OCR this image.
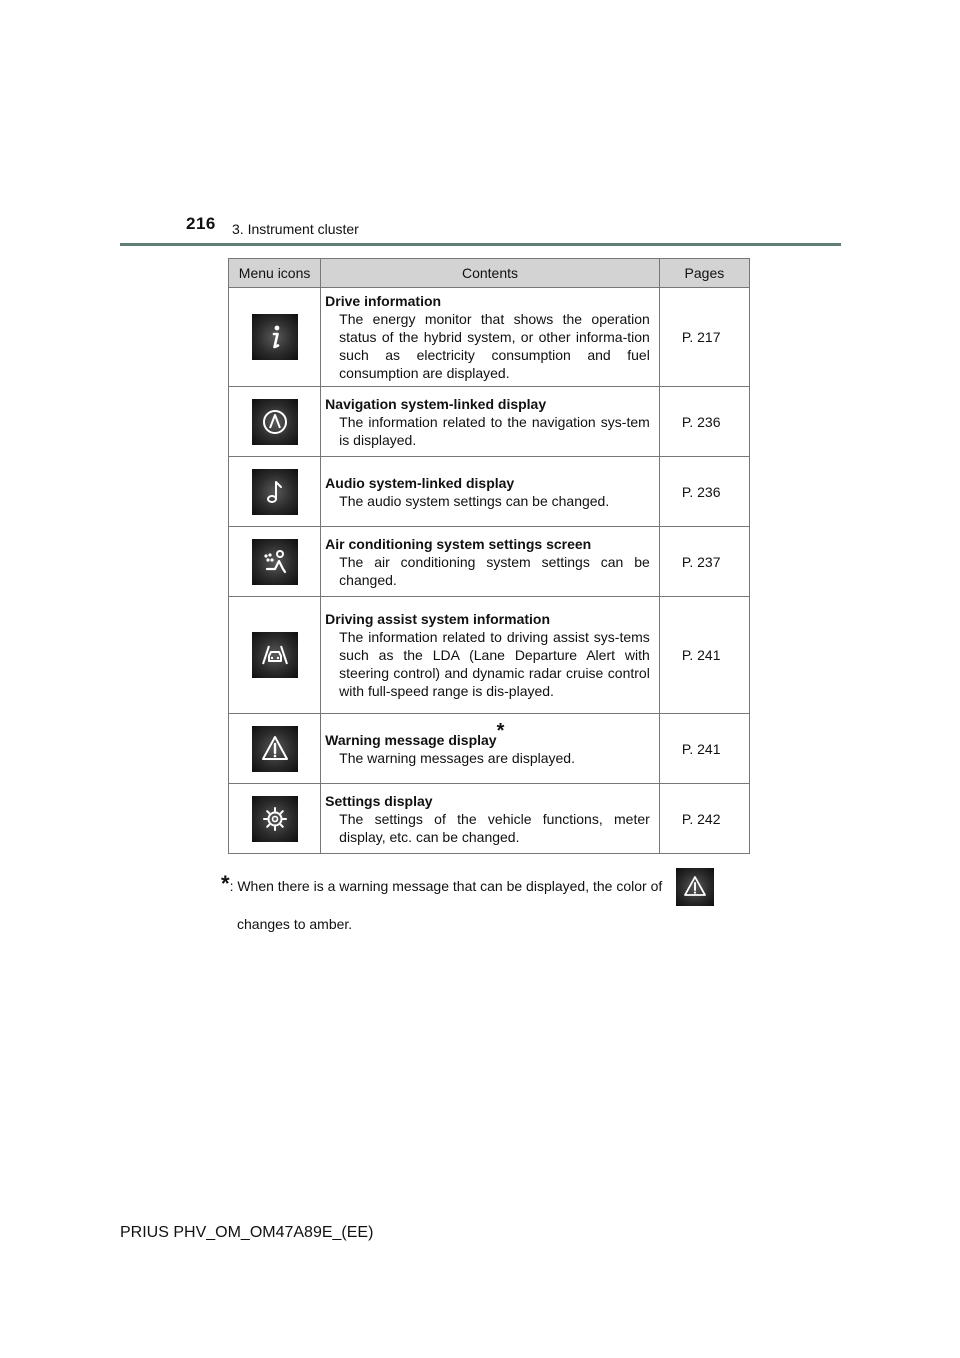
216 3. Instrument cluster
Menu icons	Contents	Pages

Drive information
The energy monitor that shows the operation status of the hybrid system, or other informa-tion such as electricity consumption and fuel consumption are displayed.	P. 217

Navigation system-linked display
The information related to the navigation sys-tem is displayed.	P. 236

Audio system-linked display
The audio system settings can be changed.	P. 236

Air conditioning system settings screen
The air conditioning system settings can be changed.	P. 237

Driving assist system information
The information related to driving assist sys-tems such as the LDA (Lane Departure Alert with steering control) and dynamic radar cruise control with full-speed range is dis-played.	P. 241

Warning message display*
The warning messages are displayed.	P. 241

Settings display
The settings of the vehicle functions, meter display, etc. can be changed.	P. 242
*: When there is a warning message that can be displayed, the color of

changes to amber.
PRIUS PHV_OM_OM47A89E_(EE)
